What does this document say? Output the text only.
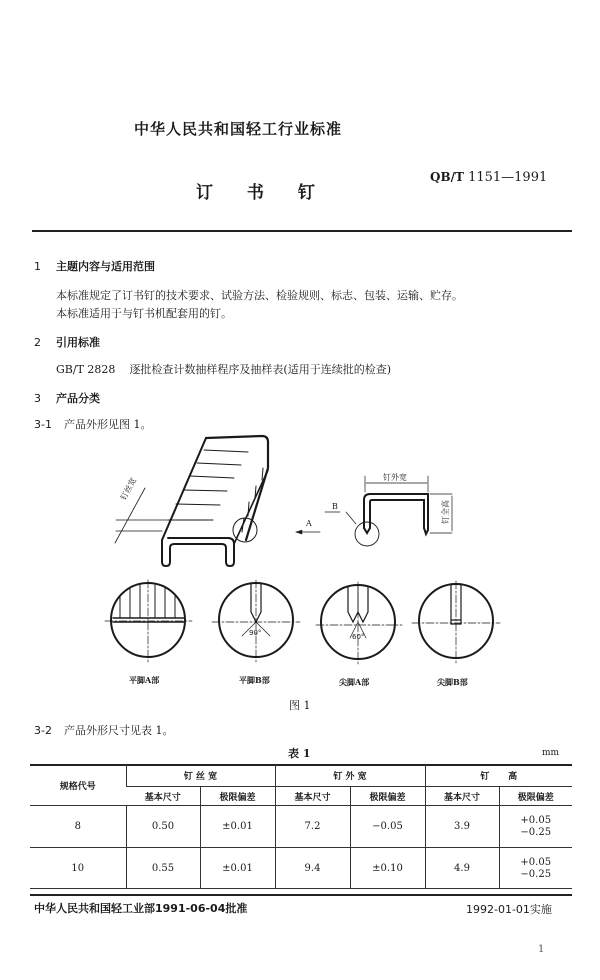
中华人民共和国轻工行业标准
QB/T 1151—1991
订 书 钉
1 主题内容与适用范围
本标准规定了订书钉的技术要求、试验方法、检验规则、标志、包装、运输、贮存。
本标准适用于与钉书机配套用的钉。
2 引用标准
GB/T 2828 逐批检查计数抽样程序及抽样表(适用于连续批的检查)
3 产品分类
3-1 产品外形见图 1。
钉丝宽	钉外宽
钉全高
A
B
90°	60°
平脚A部	平脚B部	尖脚A部	尖脚B部
图 1
3-2 产品外形尺寸见表 1。
表 1	mm
规格代号	钉 丝 宽		钉 外 宽		钉      高	
	基本尺寸	极限偏差	基本尺寸	极限偏差	基本尺寸	极限偏差
8	0.50	±0.01	7.2	−0.05	3.9	+0.05
−0.25
10	0.55	±0.01	9.4	±0.10	4.9	+0.05
−0.25
中华人民共和国轻工业部1991-06-04批准	1992-01-01实施
1
